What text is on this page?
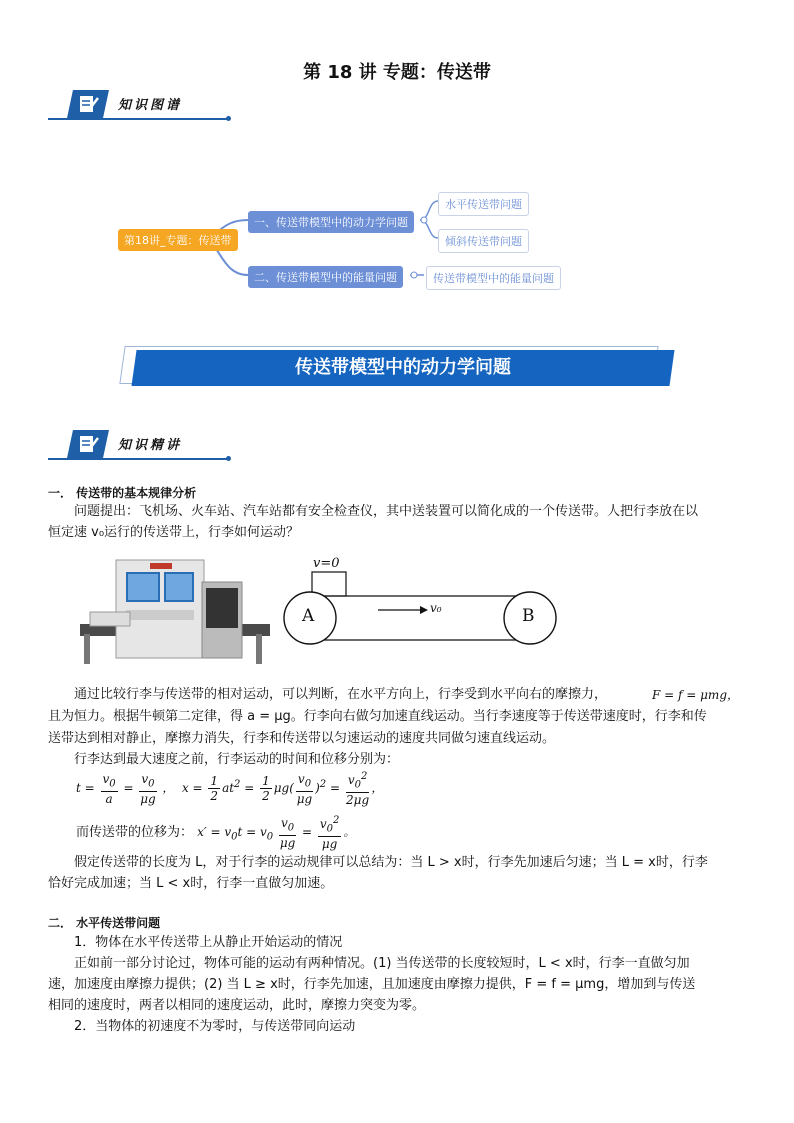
第 18 讲 专题：传送带
知识图谱
第18讲_专题：传送带
一、传送带模型中的动力学问题
二、传送带模型中的能量问题
水平传送带问题
倾斜传送带问题
传送带模型中的能量问题
传送带模型中的动力学问题
知识精讲
一． 传送带的基本规律分析
问题提出：飞机场、火车站、汽车站都有安全检查仪，其中送装置可以简化成的一个传送带。人把行李放在以
恒定速 v₀运行的传送带上，行李如何运动？
v=0
A	B
v₀
通过比较行李与传送带的相对运动，可以判断，在水平方向上，行李受到水平向右的摩擦力，	F = f = μmg，
且为恒力。根据牛顿第二定律，得 a = μg。行李向右做匀加速直线运动。当行李速度等于传送带速度时，行李和传
送带达到相对静止，摩擦力消失，行李和传送带以匀速运动的速度共同做匀速直线运动。
行李达到最大速度之前，行李运动的时间和位移分别为：
$t = \frac{v_0}{a} = \frac{v_0}{\mu g}$ ，  $x = \frac{1}{2} at^2 = \frac{1}{2} \mu g( \frac{v_0}{\mu g} )^2 = \frac{v_0^2}{2\mu g}$ ，
而传送带的位移为： $x' = v_0t = v_0 \frac{v_0}{\mu g} = \frac{v_0^2}{\mu g}$ 。
假定传送带的长度为 L，对于行李的运动规律可以总结为：当 L > x时，行李先加速后匀速；当 L = x时，行李
恰好完成加速；当 L < x时，行李一直做匀加速。
二． 水平传送带问题
1．物体在水平传送带上从静止开始运动的情况
正如前一部分讨论过，物体可能的运动有两种情况。(1) 当传送带的长度较短时，L < x时，行李一直做匀加
速，加速度由摩擦力提供；(2) 当 L ≥ x时，行李先加速，且加速度由摩擦力提供，F = f = μmg，增加到与传送
相同的速度时，两者以相同的速度运动，此时，摩擦力突变为零。
2．当物体的初速度不为零时，与传送带同向运动
